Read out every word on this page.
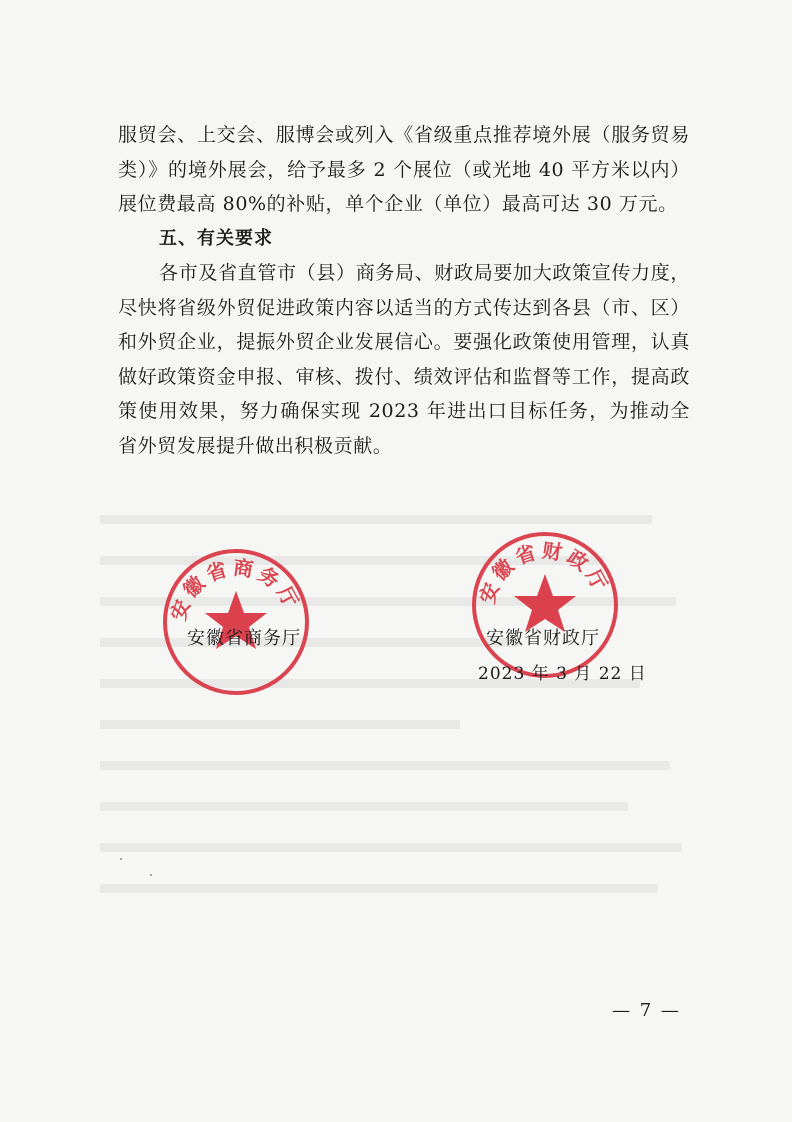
服贸会、上交会、服博会或列入《省级重点推荐境外展（服务贸易类）》的境外展会，给予最多 2 个展位（或光地 40 平方米以内）展位费最高 80%的补贴，单个企业（单位）最高可达 30 万元。

五、有关要求

各市及省直管市（县）商务局、财政局要加大政策宣传力度，尽快将省级外贸促进政策内容以适当的方式传达到各县（市、区）和外贸企业，提振外贸企业发展信心。要强化政策使用管理，认真做好政策资金申报、审核、拨付、绩效评估和监督等工作，提高政策使用效果，努力确保实现 2023 年进出口目标任务，为推动全省外贸发展提升做出积极贡献。

安徽省商务厅	安徽省财政厅
安徽省商务厅	安徽省财政厅
2023 年 3 月 22 日
— 7 —
